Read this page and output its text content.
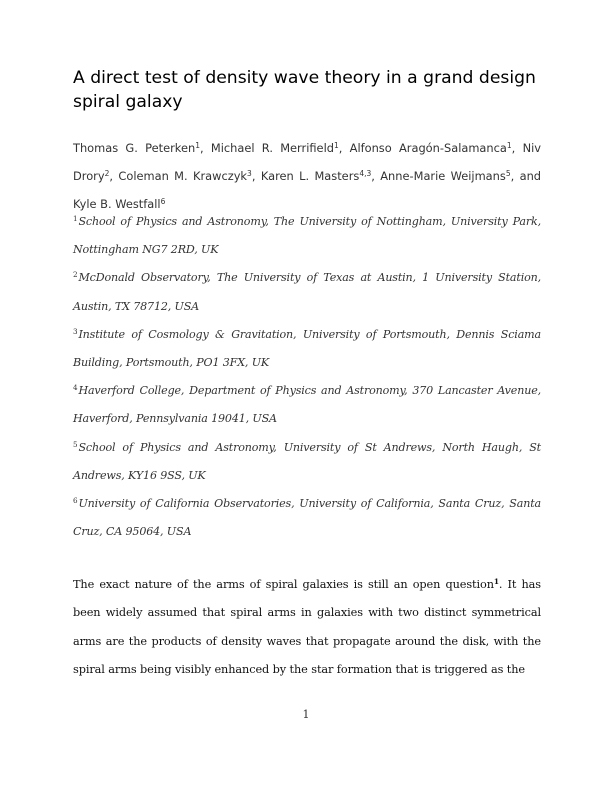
A direct test of density wave theory in a grand design spiral galaxy

Thomas G. Peterken$^1$, Michael R. Merrifield$^1$, Alfonso Aragón-Salamanca$^1$, Niv Drory$^2$, Coleman M. Krawczyk$^3$, Karen L. Masters$^{4,3}$, Anne-Marie Weijmans$^5$, and Kyle B. Westfall$^6$

$^1$School of Physics and Astronomy, The University of Nottingham, University Park, Nottingham NG7 2RD, UK
$^2$McDonald Observatory, The University of Texas at Austin, 1 University Station, Austin, TX 78712, USA
$^3$Institute of Cosmology & Gravitation, University of Portsmouth, Dennis Sciama Building, Portsmouth, PO1 3FX, UK
$^4$Haverford College, Department of Physics and Astronomy, 370 Lancaster Avenue, Haverford, Pennsylvania 19041, USA
$^5$School of Physics and Astronomy, University of St Andrews, North Haugh, St Andrews, KY16 9SS, UK
$^6$University of California Observatories, University of California, Santa Cruz, Santa Cruz, CA 95064, USA

The exact nature of the arms of spiral galaxies is still an open question$^1$. It has been widely assumed that spiral arms in galaxies with two distinct symmetrical arms are the products of density waves that propagate around the disk, with the spiral arms being visibly enhanced by the star formation that is triggered as the

1
